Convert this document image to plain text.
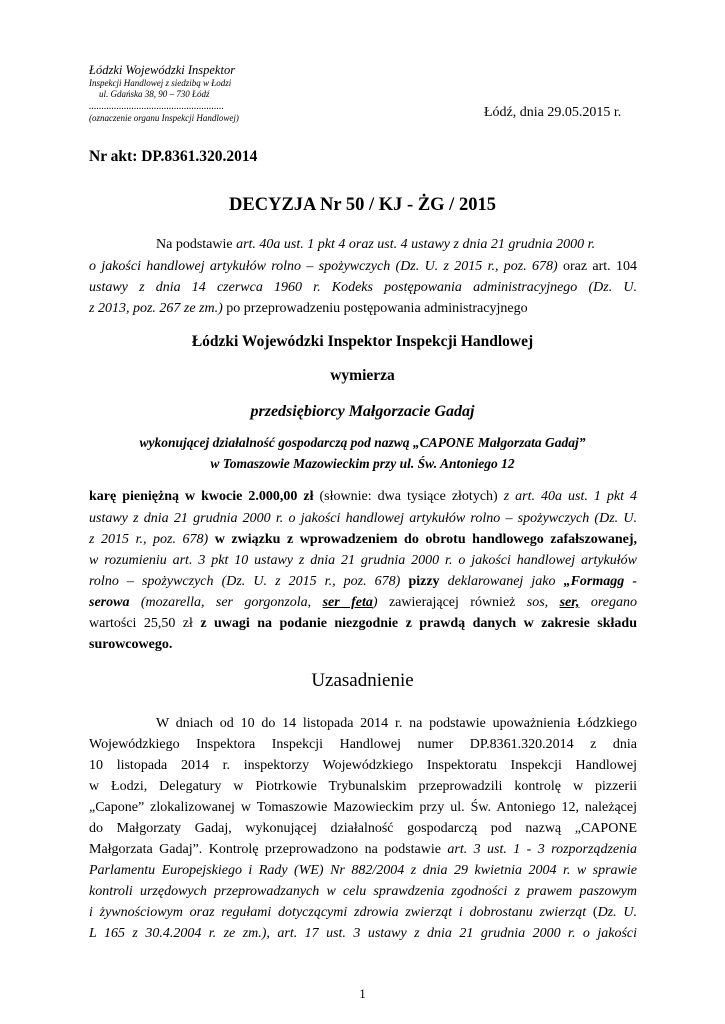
Łódzki Wojewódzki Inspektor
Inspekcji Handlowej z siedzibą w Łodzi
ul. Gdańska 38, 90 – 730 Łódź
......................................................
(oznaczenie organu Inspekcji Handlowej)	Łódź, dnia 29.05.2015 r.
Nr akt: DP.8361.320.2014
DECYZJA Nr 50 / KJ - ŻG / 2015
Na podstawie art. 40a ust. 1 pkt 4 oraz ust. 4 ustawy z dnia 21 grudnia 2000 r.
o jakości handlowej artykułów rolno – spożywczych (Dz. U. z 2015 r., poz. 678) oraz art. 104
ustawy z dnia 14 czerwca 1960 r. Kodeks postępowania administracyjnego (Dz. U.
z 2013, poz. 267 ze zm.) po przeprowadzeniu postępowania administracyjnego
Łódzki Wojewódzki Inspektor Inspekcji Handlowej
wymierza
przedsiębiorcy Małgorzacie Gadaj
wykonującej działalność gospodarczą pod nazwą „CAPONE Małgorzata Gadaj”
w Tomaszowie Mazowieckim przy ul. Św. Antoniego 12
karę pieniężną w kwocie 2.000,00 zł (słownie: dwa tysiące złotych) z art. 40a ust. 1 pkt 4
ustawy z dnia 21 grudnia 2000 r. o jakości handlowej artykułów rolno – spożywczych (Dz. U.
z 2015 r., poz. 678) w związku z wprowadzeniem do obrotu handlowego zafałszowanej,
w rozumieniu art. 3 pkt 10 ustawy z dnia 21 grudnia 2000 r. o jakości handlowej artykułów
rolno – spożywczych (Dz. U. z 2015 r., poz. 678) pizzy deklarowanej jako „Formagg -
serowa (mozarella, ser gorgonzola, ser feta) zawierającej również sos, ser, oregano
wartości 25,50 zł z uwagi na podanie niezgodnie z prawdą danych w zakresie składu
surowcowego.
Uzasadnienie
W dniach od 10 do 14 listopada 2014 r. na podstawie upoważnienia Łódzkiego
Wojewódzkiego Inspektora Inspekcji Handlowej numer DP.8361.320.2014 z dnia
10 listopada 2014 r. inspektorzy Wojewódzkiego Inspektoratu Inspekcji Handlowej
w Łodzi, Delegatury w Piotrkowie Trybunalskim przeprowadzili kontrolę w pizzerii
„Capone” zlokalizowanej w Tomaszowie Mazowieckim przy ul. Św. Antoniego 12, należącej
do Małgorzaty Gadaj, wykonującej działalność gospodarczą pod nazwą „CAPONE
Małgorzata Gadaj”. Kontrolę przeprowadzono na podstawie art. 3 ust. 1 - 3 rozporządzenia
Parlamentu Europejskiego i Rady (WE) Nr 882/2004 z dnia 29 kwietnia 2004 r. w sprawie
kontroli urzędowych przeprowadzanych w celu sprawdzenia zgodności z prawem paszowym
i żywnościowym oraz regułami dotyczącymi zdrowia zwierząt i dobrostanu zwierząt (Dz. U.
L 165 z 30.4.2004 r. ze zm.), art. 17 ust. 3 ustawy z dnia 21 grudnia 2000 r. o jakości
1
